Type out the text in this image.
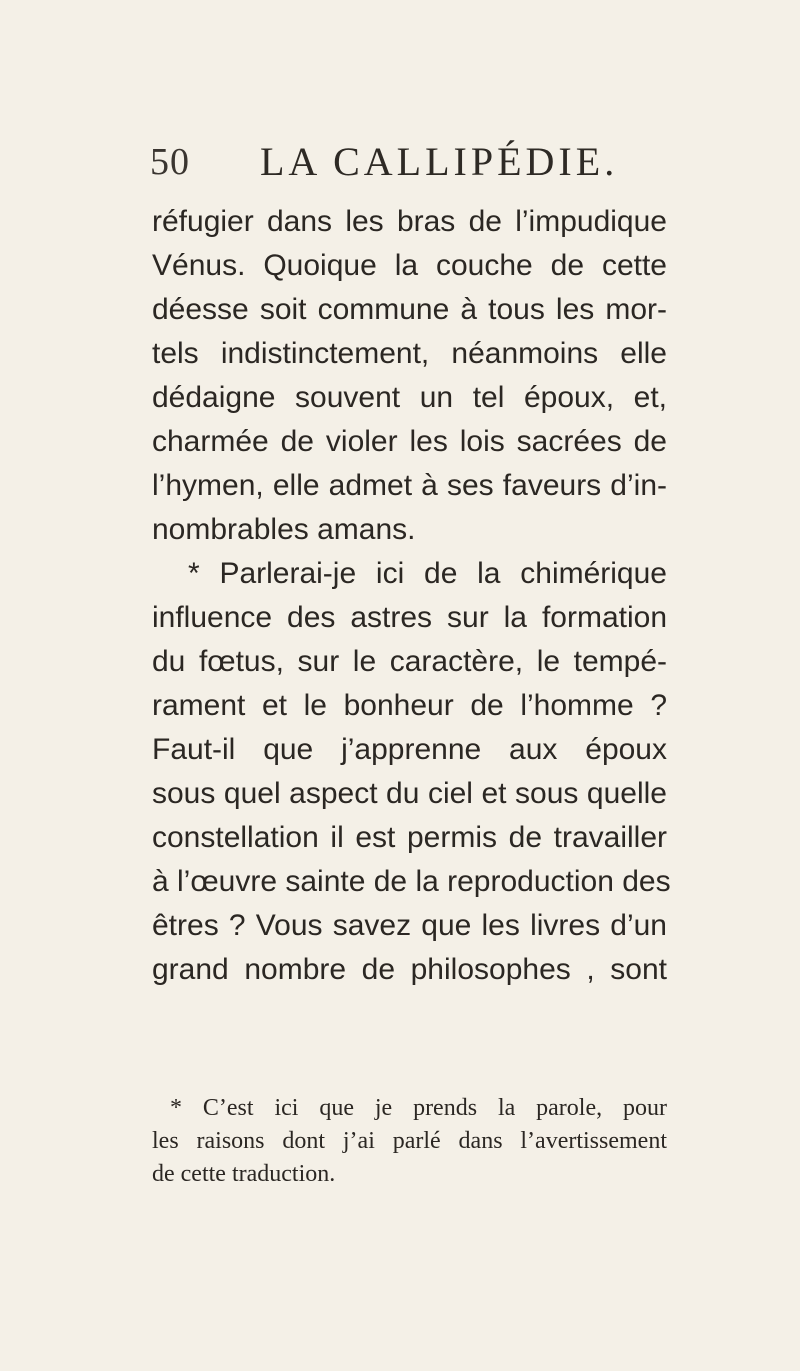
50 LA CALLIPÉDIE.
réfugier dans les bras de l’impudique
Vénus. Quoique la couche de cette
déesse soit commune à tous les mor-
tels indistinctement, néanmoins elle
dédaigne souvent un tel époux, et,
charmée de violer les lois sacrées de
l’hymen, elle admet à ses faveurs d’in-
nombrables amans.
* Parlerai-je ici de la chimérique
influence des astres sur la formation
du fœtus, sur le caractère, le tempé-
rament et le bonheur de l’homme ?
Faut-il que j’apprenne aux époux
sous quel aspect du ciel et sous quelle
constellation il est permis de travailler
à l’œuvre sainte de la reproduction des
êtres ? Vous savez que les livres d’un
grand nombre de philosophes , sont
* C’est ici que je prends la parole, pour
les raisons dont j’ai parlé dans l’avertissement
de cette traduction.
